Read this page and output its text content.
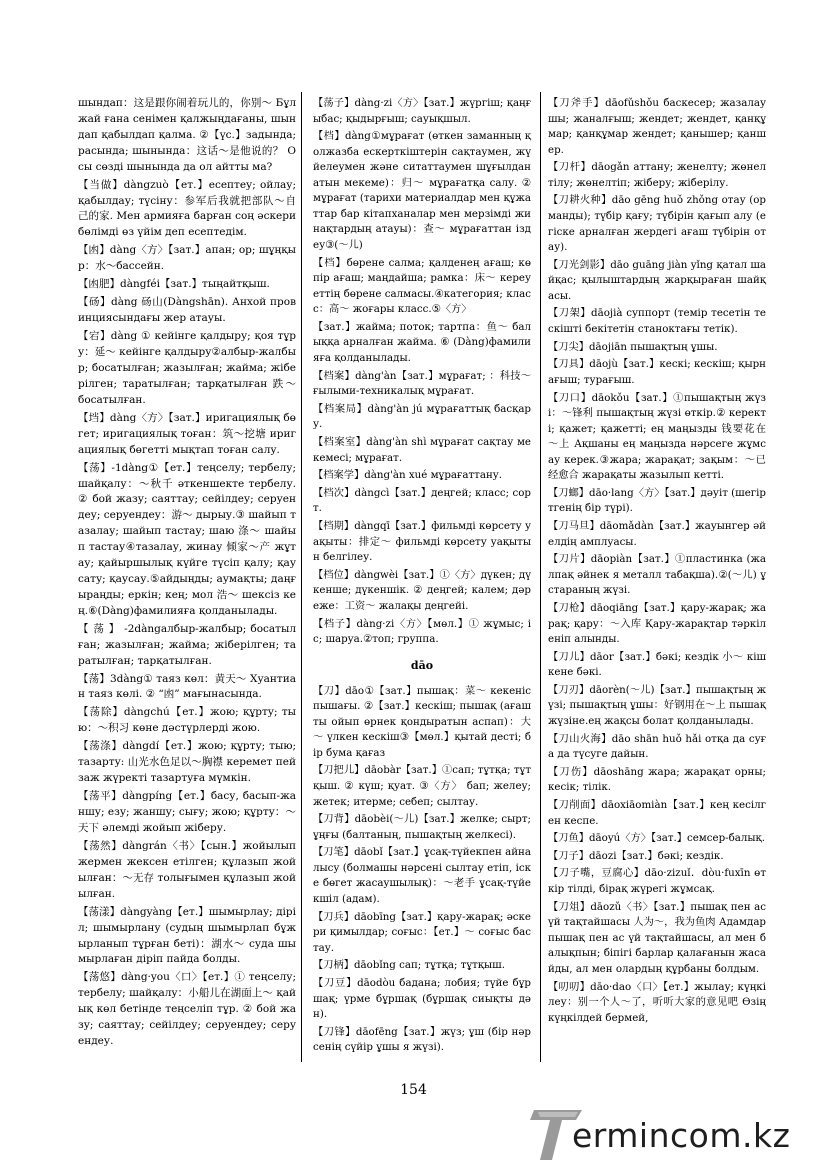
шындап：这是跟你闹着玩儿的，你别～ Бұл жай ғана сенімен қалжыңдағаны, шындап қабылдап қалма. ②【үс.】задында; расында; шынында：这话～是他说的？ Осы сөзді шынында да ол айтты ма?
【当做】dàngzuò【ет.】есептеу; ойлау; қабылдау; түсіну：参军后我就把部队～自己的家. Мен армияға барған соң әскери бөлімді өз үйім деп есептедім.
【凼】dàng〈方〉【зат.】апан; ор; шұңқыр：水～бассейн.
【凼肥】dàngféi【зат.】тыңайтқыш.
【砀】dàng 砀山(Dàngshān). Анхой провинциясындағы жер атауы.
【宕】dàng ① кейінге қалдыру; қоя тұру：延～ кейінге қалдыру②албыр-жалбыр; босатылған; жазылған; жайма; жіберілген; таратылған; тарқатылған 跌～ босатылған.
【垱】dàng〈方〉【зат.】иригациялық бөгет; иригациялық тоған：筑～挖塘 иригациялық бөгетті мықтап тоған салу.
【荡】-1dàng①【ет.】теңселу; тербелу; шайқалу：～秋千 әткеншекте тербелу. ② бой жазу; саяттау; сейілдеу; серуендеу; серуендеу：游～ дырыу.③ шайып тазалау; шайып тастау; шаю 涤～ шайып тастау④тазалау, жинау 倾家～产 жұтау; қайыршылық күйге түсіп қалу; қаусату; қаусау.⑤айдыңды; аумақты; даңғыраңды; еркін; кең; мол 浩～ шексіз кең.⑥(Dàng)фамилияға қолданылады.
【 荡 】 -2dàngалбыр-жалбыр; босатылған; жазылған; жайма; жіберілген; таратылған; тарқатылған.
【荡】3dàng① таяз көл：黄天～ Хуантиан таяз көлі. ② “凼” мағынасында.
【荡除】dàngchú【ет.】жою; құрту; тыю：～积习 көне дәстүрлерді жою.
【荡涤】dàngdí【ет.】жою; құрту; тыю; тазарту: 山光水色足以～胸襟 керемет пейзаж жүректі тазартуға мүмкін.
【荡平】dàngpíng【ет.】басу, басып-жаншу; езу; жаншу; сығу; жою; құрту：～天下 әлемді жойып жіберу.
【荡然】dàngrán〈书〉【сын.】жойылып жермен жексен етілген; құлазып жойылған：～无存 толығымен құлазып жойылған.
【荡漾】dàngyàng【ет.】шымырлау; діріл; шымырлану (судың шымырлап бұжырланып тұрған беті)：湖水～ суда шымырлаған діріп пайда болды.
【荡悠】dàng·you〈口〉【ет.】① теңселу; тербелу; шайқалу：小船儿在湖面上～ қайық көл бетінде теңселіп тұр. ② бой жазу; саяттау; сейілдеу; серуендеу; серуендеу.
【荡子】dàng·zi〈方〉【зат.】жүргіш; қаңғыбас; қыдырғыш; сауықшыл.
【档】dàng①мұрағат (өткен заманның қолжазба ескерткіштерін сақтаумен, жүйелеумен және ситаттаумен шұғылданатын мекеме)：归～ мұрағатқа салу. ② мұрағат (тарихи материалдар мен құжаттар бар кітапханалар мен мерзімді жинақтардың атауы)：查～ мұрағаттан іздеу③(～儿)
【档】бөрене салма; қалденең ағаш; көпір ағаш; маңдайша; рамка：床～ кереуеттің бөрене салмасы.④категория; класс：高～ жоғары класс.⑤〈方〉
【зат.】жайма; поток; тартпа：鱼～ балыққа арналған жайма. ⑥ (Dàng)фамилияға қолданылады.
【档案】dàng'àn【зат.】мұрағат; ：科技～ ғылыми-техникалық мұрағат.
【档案局】dàng'àn jú мұрағаттық басқару.
【档案室】dàng'àn shì мұрағат сақтау мекемесі; мұрағат.
【档案学】dàng'àn xué мұрағаттану.
【档次】dàngcì【зат.】деңгей; класс; сорт.
【档期】dàngqī【зат.】фильмді көрсету уақыты：排定～ фильмді көрсету уақытын белгілеу.
【档位】dàngwèi【зат.】①〈方〉дүкен; дүкенше; дүкеншік. ② деңгей; калем; дәреже：工资～ жалақы деңгейі.
【档子】dàng·zi〈方〉【мөл.】① жұмыс; іс; шаруа.②топ; группа.
dāo
【刀】dāo①【зат.】пышақ：菜～ кекеніс пышағы. ②【зат.】кескіш; пышақ (ағашты ойып өрнек қондыратын аспап)：大～ үлкен кескіш③【мөл.】қытай десті; бір бума қағаз
【刀把儿】dāobàr【зат.】①сап; тұтқа; тұтқыш. ② күш; қуат. ③〈方〉 бап; желеу; жетек; итерме; себеп; сылтау.
【刀背】dāobèi(～儿)【зат.】желке; сырт; ұңғы (балтаның, пышақтың желкесі).
【刀笔】dāobǐ【зат.】ұсақ-түйекпен айналысу (болмашы нәрсені сылтау етіп, іске бөгет жасаушылық)：～老手 ұсақ-түйекшіл (адам).
【刀兵】dāobīng【зат.】қару-жарақ; әскери қимылдар; соғыс：【ет.】～ соғыс бастау.
【刀柄】dāobǐng сап; тұтқа; тұтқыш.
【刀豆】dāodòu бадана; лобия; түйе бұршақ; үрме бұршақ (бұршақ сиықты дән).
【刀锋】dāofēng【зат.】жүз; ұш (бір нәрсенің сүйір ұшы я жүзі).
【刀斧手】dāofǔshǒu баскесер; жазалаушы; жаналғыш; жендет; жендет, қанқұмар; қанқұмар жендет; қанышер; қаншер.
【刀杆】dāogǎn аттану; женелту; жөнелтілу; жөнелтіп; жіберу; жіберілу.
【刀耕火种】dāo gēng huǒ zhǒng отау (орманды); түбір қағу; түбірін қағып алу (егіске арналған жердегі ағаш түбірін отау).
【刀光剑影】dāo guāng jiàn yǐng қатал шайқас; қылыштардың жарқыраған шайқасы.
【刀架】dāojià суппорт (темір тесетін тескішті бекітетін станоктағы тетік).
【刀尖】dāojiān пышақтың ұшы.
【刀具】dāojù【зат.】кескі; кескіш; қырнағыш; турағыш.
【刀口】dāokǒu【зат.】①пышақтың жүзі：～锋利 пышақтың жүзі өткір.② керекті; қажет; қажетті; ең маңызды 钱要花在～上 Ақшаны ең маңызда нәрсеге жұмсау керек.③жара; жарақат; зақым：～已经愈合 жарақаты жазылып кетті.
【刀螂】dāo·lang〈方〉【зат.】дәуіт (шегіртгенің бір түрі).
【刀马旦】dāomǎdàn【зат.】жауынгер әйелдің амплуасы.
【刀片】dāopiàn【зат.】①пластинка (жалпақ әйнек я металл табақша).②(～儿) ұстараның жүзі.
【刀枪】dāoqiāng【зат.】қару-жарақ; жарақ; қару：～入库 Қару-жарақтар тәркіленіп алынды.
【刀儿】dāor【зат.】бәкі; кездік 小～ кішкене бәкі.
【刀刃】dāorèn(～儿)【зат.】пышақтың жүзі; пышақтың ұшы：好钢用在～上 пышақ жүзіне.ең жақсы болат қолданылады.
【刀山火海】dāo shān huǒ hǎi отқа да суға да түсуге дайын.
【刀伤】dāoshāng жара; жарақат орны; кесік; тілік.
【刀削面】dāoxiāomiàn【зат.】кең кесілген кеспе.
【刀鱼】dāoyú〈方〉【зат.】семсер-балық.
【刀子】dāozi【зат.】бәкі; кездік.
【刀子嘴，豆腐心】dāo·zizuǐ．dòu·fuxīn өткір тілді, бірақ жүрегі жұмсақ.
【刀俎】dāozǔ〈书〉【зат.】пышақ пен ас үй тақтайшасы 人为～，我为鱼肉 Адамдар пышақ пен ас үй тақтайшасы, ал мен балықпын; біпігі барлар қалағанын жасайды, ал мен олардың құрбаны болдым.
【叨叨】dāo·dao〈口〉【ет.】жылау; күңкілеу：别一个人～了，听听大家的意见吧 Өзің күңкілдей бермей,
154
ermincom.kz
